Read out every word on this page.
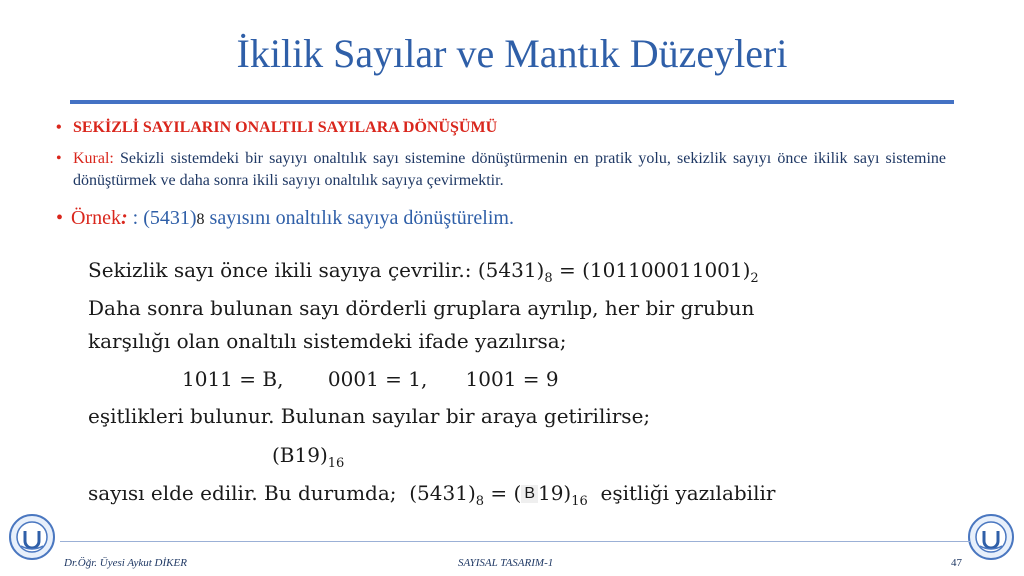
İkilik Sayılar ve Mantık Düzeyleri
• SEKİZLİ SAYILARIN ONALTILI SAYILARA DÖNÜŞÜMÜ
• Kural: Sekizli sistemdeki bir sayıyı onaltılık sayı sistemine dönüştürmenin en pratik yolu, sekizlik sayıyı önce ikilik sayı sistemine dönüştürmek ve daha sonra ikili sayıyı onaltılık sayıya çevirmektir.
• Örnek: : (5431)8 sayısını onaltılık sayıya dönüştürelim.
Sekizlik sayı önce ikili sayıya çevrilir.: $(5431)_8 = (101100011001)_2$
Daha sonra bulunan sayı dörderli gruplara ayrılıp, her bir grubun
karşılığı olan onaltılı sistemdeki ifade yazılırsa;
1011 = B,       0001 = 1,      1001 = 9
eşitlikleri bulunur. Bulunan sayılar bir araya getirilirse;
$(B19)_{16}$
sayısı elde edilir. Bu durumda;  $(5431)_8$ = ( B $19)_{16}$  eşitliği yazılabilir
Dr.Öğr. Üyesi Aykut DİKER	SAYISAL TASARIM-1	47
